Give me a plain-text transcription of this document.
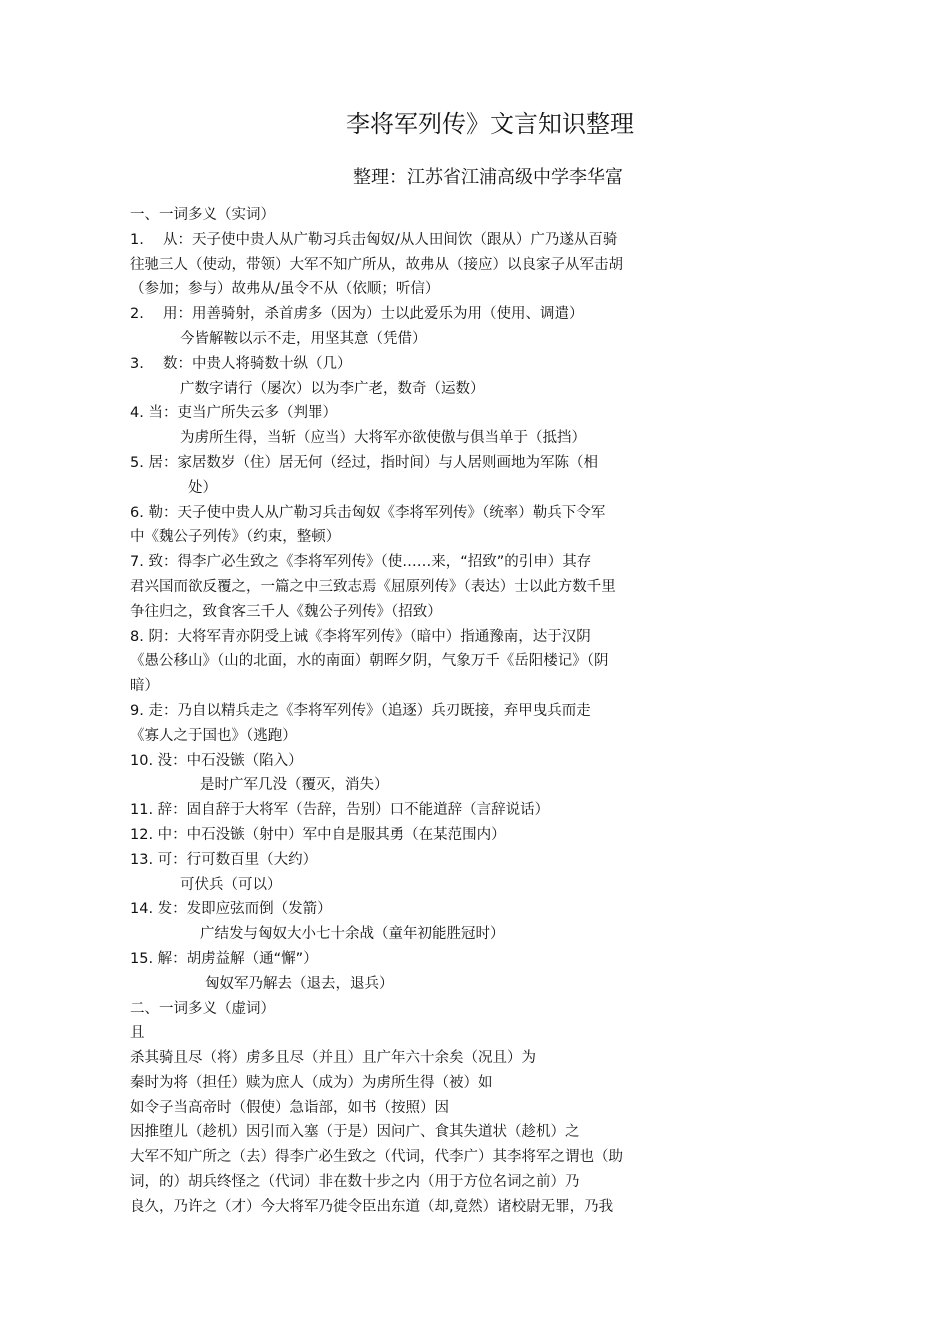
李将军列传》文言知识整理
整理：江苏省江浦高级中学李华富
一、一词多义（实词）
1.　 从：天子使中贵人从广勒习兵击匈奴/从人田间饮（跟从）广乃遂从百骑
往驰三人（使动，带领）大军不知广所从，故弗从（接应）以良家子从军击胡
（参加；参与）故弗从/虽令不从（依顺；听信）
2.　 用：用善骑射，杀首虏多（因为）士以此爱乐为用（使用、调遣）
今皆解鞍以示不走，用坚其意（凭借）
3.　 数：中贵人将骑数十纵（几）
广数字请行（屡次）以为李广老，数奇（运数）
4. 当：吏当广所失云多（判罪）
为虏所生得，当斩（应当）大将军亦欲使傲与俱当单于（抵挡）
5. 居：家居数岁（住）居无何（经过，指时间）与人居则画地为军陈（相
处）
6. 勒：天子使中贵人从广勒习兵击匈奴《李将军列传》（统率）勒兵下令军
中《魏公子列传》（约束，整顿）
7. 致：得李广必生致之《李将军列传》（使……来，“招致”的引申）其存
君兴国而欲反覆之，一篇之中三致志焉《屈原列传》（表达）士以此方数千里
争往归之，致食客三千人《魏公子列传》（招致）
8. 阴：大将军青亦阴受上诫《李将军列传》（暗中）指通豫南，达于汉阴
《愚公移山》（山的北面，水的南面）朝晖夕阴，气象万千《岳阳楼记》（阴
暗）
9. 走：乃自以精兵走之《李将军列传》（追逐）兵刃既接，弃甲曳兵而走
《寡人之于国也》（逃跑）
10. 没：中石没镞（陷入）
是时广军几没（覆灭，消失）
11. 辞：固自辞于大将军（告辞，告别）口不能道辞（言辞说话）
12. 中：中石没镞（射中）军中自是服其勇（在某范围内）
13. 可：行可数百里（大约）
可伏兵（可以）
14. 发：发即应弦而倒（发箭）
广结发与匈奴大小七十余战（童年初能胜冠时）
15. 解：胡虏益解（通“懈”）
匈奴军乃解去（退去，退兵）
二、一词多义（虚词）
且
杀其骑且尽（将）虏多且尽（并且）且广年六十余矣（况且）为
秦时为将（担任）赎为庶人（成为）为虏所生得（被）如
如令子当高帝时（假使）急诣部，如书（按照）因
因推堕儿（趁机）因引而入塞（于是）因问广、食其失道状（趁机）之
大军不知广所之（去）得李广必生致之（代词，代李广）其李将军之谓也（助
词，的）胡兵终怪之（代词）非在数十步之内（用于方位名词之前）乃
良久，乃许之（才）今大将军乃徙令臣出东道（却,竟然）诸校尉无罪，乃我
